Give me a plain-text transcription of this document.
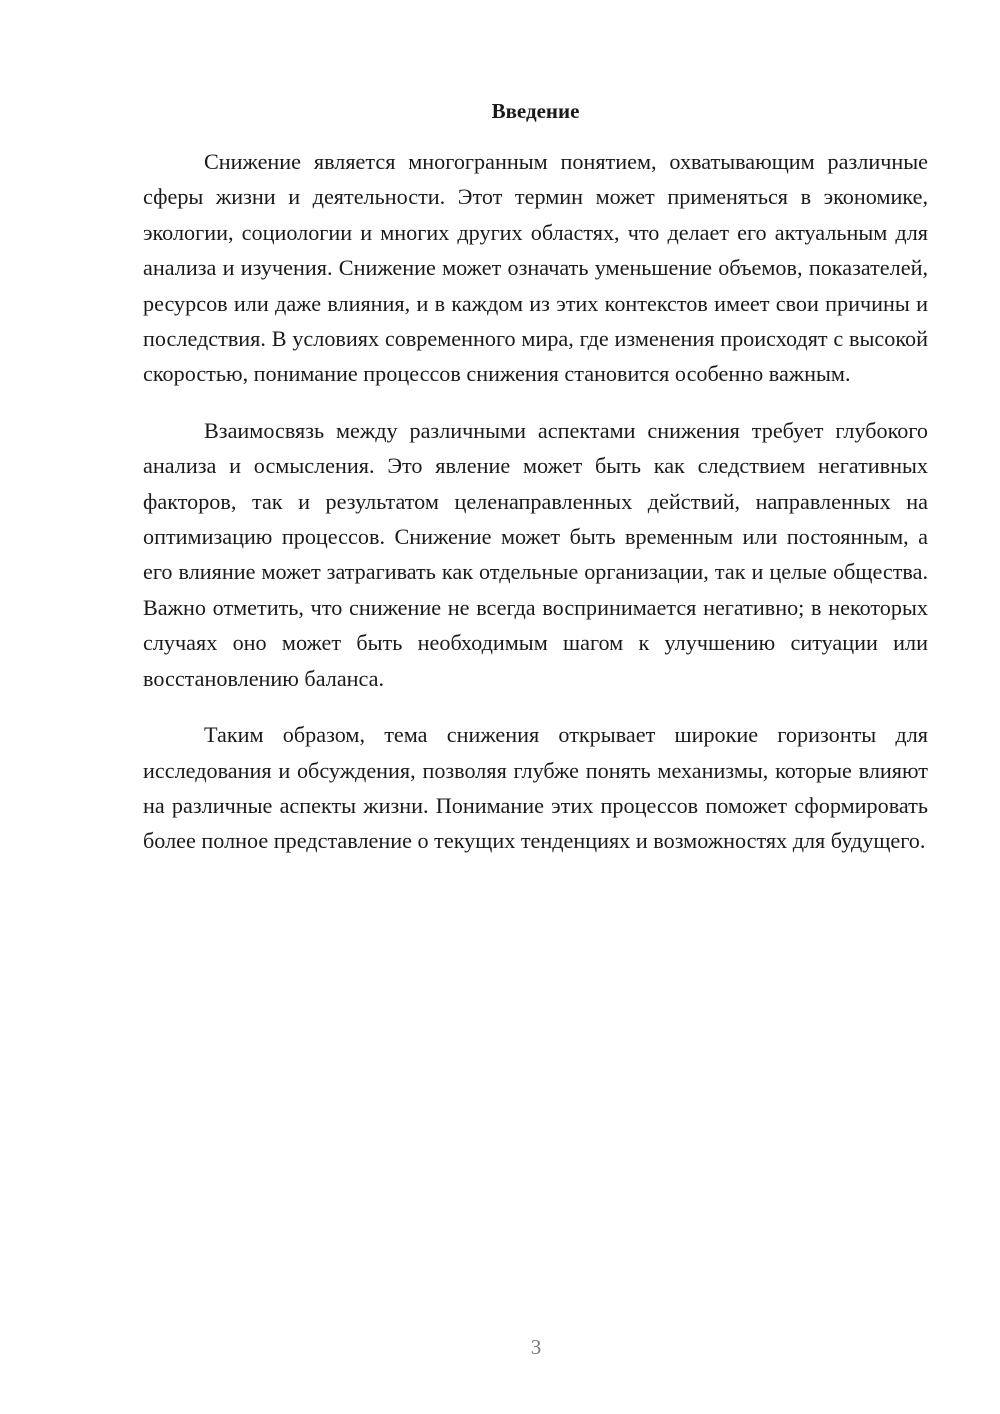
Введение

Снижение является многогранным понятием, охватывающим различные сферы жизни и деятельности. Этот термин может применяться в экономике, экологии, социологии и многих других областях, что делает его актуальным для анализа и изучения. Снижение может означать уменьшение объемов, показателей, ресурсов или даже влияния, и в каждом из этих контекстов имеет свои причины и последствия. В условиях современного мира, где изменения происходят с высокой скоростью, понимание процессов снижения становится особенно важным.

Взаимосвязь между различными аспектами снижения требует глубокого анализа и осмысления. Это явление может быть как следствием негативных факторов, так и результатом целенаправленных действий, направленных на оптимизацию процессов. Снижение может быть временным или постоянным, а его влияние может затрагивать как отдельные организации, так и целые общества. Важно отметить, что снижение не всегда воспринимается негативно; в некоторых случаях оно может быть необходимым шагом к улучшению ситуации или восстановлению баланса.

Таким образом, тема снижения открывает широкие горизонты для исследования и обсуждения, позволяя глубже понять механизмы, которые влияют на различные аспекты жизни. Понимание этих процессов поможет сформировать более полное представление о текущих тенденциях и возможностях для будущего.

3
